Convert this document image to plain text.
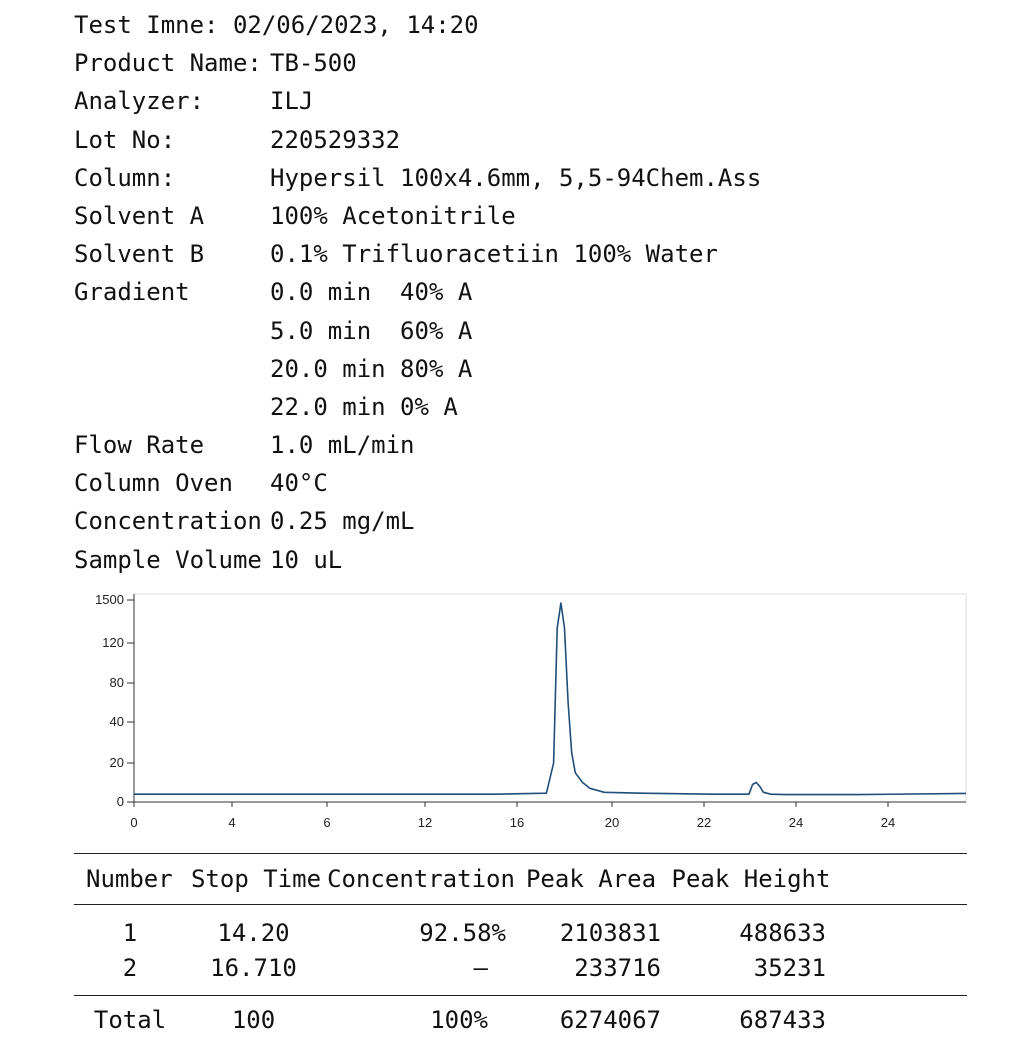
Test Imne: 02/06/2023, 14:20
Product Name: TB-500
Analyzer:	ILJ
Lot No:	220529332
Column:	Hypersil 100x4.6mm, 5,5-94Chem.Ass
Solvent A	100% Acetonitrile
Solvent B	0.1% Trifluoracetiin 100% Water
Gradient	0.0 min  40% A
5.0 min  60% A
20.0 min 80% A
22.0 min 0% A
Flow Rate	1.0 mL/min
Column Oven	40°C
Concentration 0.25 mg/mL
Sample Volume 10 uL
0
20
40
80
120
1500
0	4	6	12	16	20	22	24	24
Number Stop Time Concentration Peak Area Peak Height
1	14.20	92.58%	2103831	488633
2	16.710	—	233716	35231
Total	100	100%	6274067	687433
